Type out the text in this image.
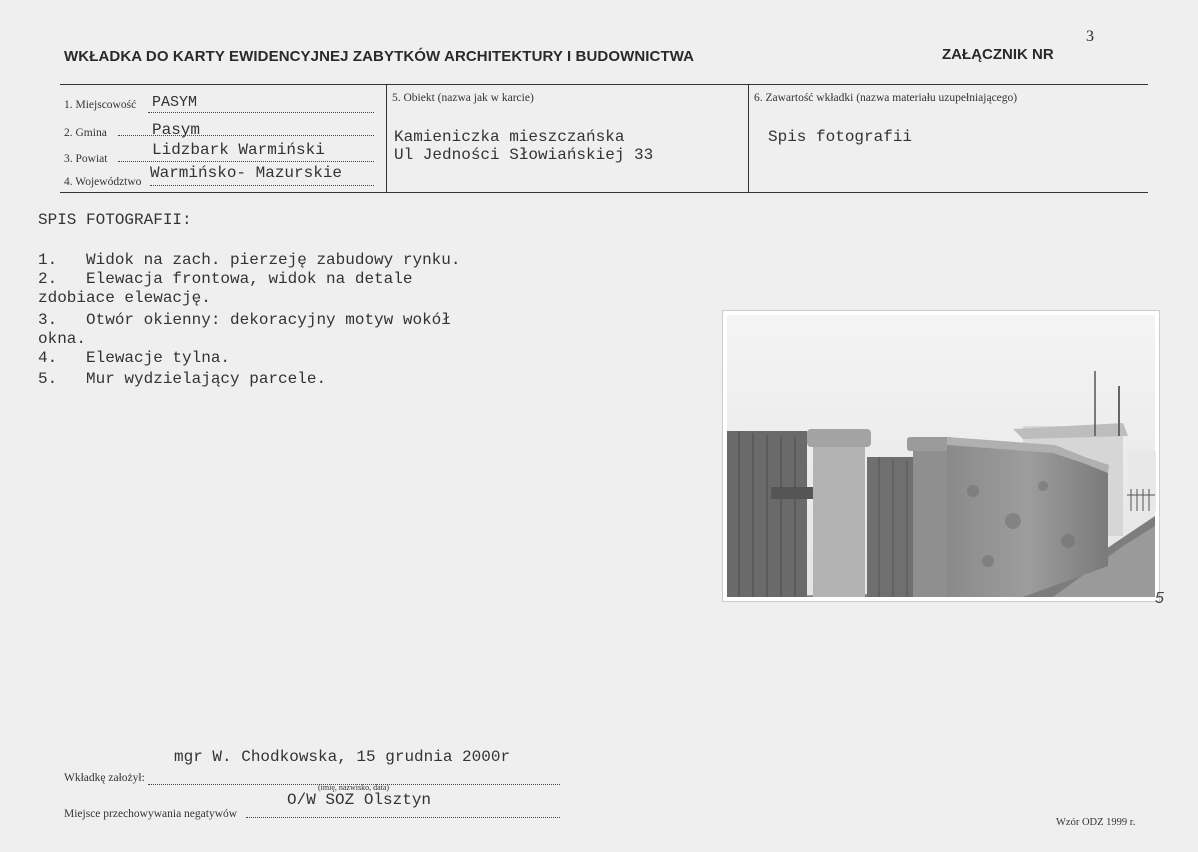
WKŁADKA DO KARTY EWIDENCYJNEJ ZABYTKÓW ARCHITEKTURY I BUDOWNICTWA	ZAŁĄCZNIK NR
3
1. Miejscowość PASYM
2. Gmina	Pasym
3. Powiat	Lidzbark Warmiński
4. Województwo Warmińsko- Mazurskie
5. Obiekt (nazwa jak w karcie)
Kamieniczka mieszczańska
Ul Jedności Słowiańskiej 33
6. Zawartość wkładki (nazwa materiału uzupełniającego)
Spis fotografii
SPIS FOTOGRAFII:
1.   Widok na zach. pierzeję zabudowy rynku.
2.   Elewacja frontowa, widok na detale
zdobiace elewację.
3.   Otwór okienny: dekoracyjny motyw wokół
okna.
4.   Elewacje tylna.
5.   Mur wydzielający parcele.
5
mgr W. Chodkowska, 15 grudnia 2000r
Wkładkę założył:
(imię, nazwisko, data)
O/W SOZ Olsztyn
Miejsce przechowywania negatywów
Wzór ODZ 1999 r.
